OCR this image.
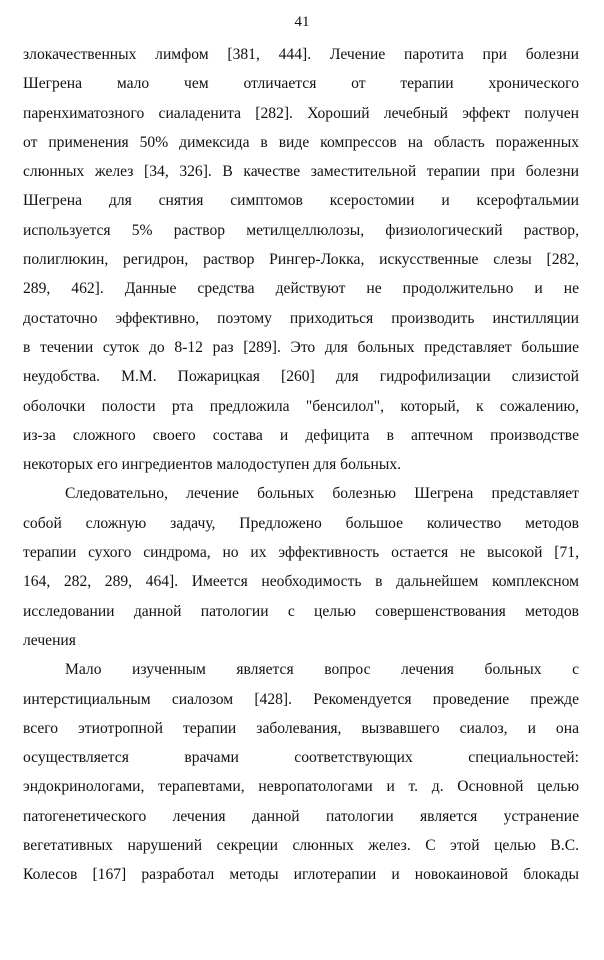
41
злокачественных лимфом [381, 444]. Лечение паротита при болезни
Шегрена мало чем отличается от терапии хронического
паренхиматозного сиаладенита [282]. Хороший лечебный эффект получен
от применения 50% димексида в виде компрессов на область пораженных
слюнных желез [34, 326]. В качестве заместительной терапии при болезни
Шегрена для снятия симптомов ксеростомии и ксерофтальмии
используется 5% раствор метилцеллюлозы, физиологический раствор,
полиглюкин, регидрон, раствор Рингер-Локка, искусственные слезы [282,
289, 462]. Данные средства действуют не продолжительно и не
достаточно эффективно, поэтому приходиться производить инстилляции
в течении суток до 8-12 раз [289]. Это для больных представляет большие
неудобства. М.М. Пожарицкая [260] для гидрофилизации слизистой
оболочки полости рта предложила "бенсилол", который, к сожалению,
из-за сложного своего состава и дефицита в аптечном производстве
некоторых его ингредиентов малодоступен для больных.
Следовательно, лечение больных болезнью Шегрена представляет
собой сложную задачу, Предложено большое количество методов
терапии сухого синдрома, но их эффективность остается не высокой [71,
164, 282, 289, 464]. Имеется необходимость в дальнейшем комплексном
исследовании данной патологии с целью совершенствования методов
лечения
Мало изученным является вопрос лечения больных с
интерстициальным сиалозом [428]. Рекомендуется проведение прежде
всего этиотропной терапии заболевания, вызвавшего сиалоз, и она
осуществляется врачами соответствующих специальностей:
эндокринологами, терапевтами, невропатологами и т. д. Основной целью
патогенетического лечения данной патологии является устранение
вегетативных нарушений секреции слюнных желез. С этой целью В.С.
Колесов [167] разработал методы иглотерапии и новокаиновой блокады
